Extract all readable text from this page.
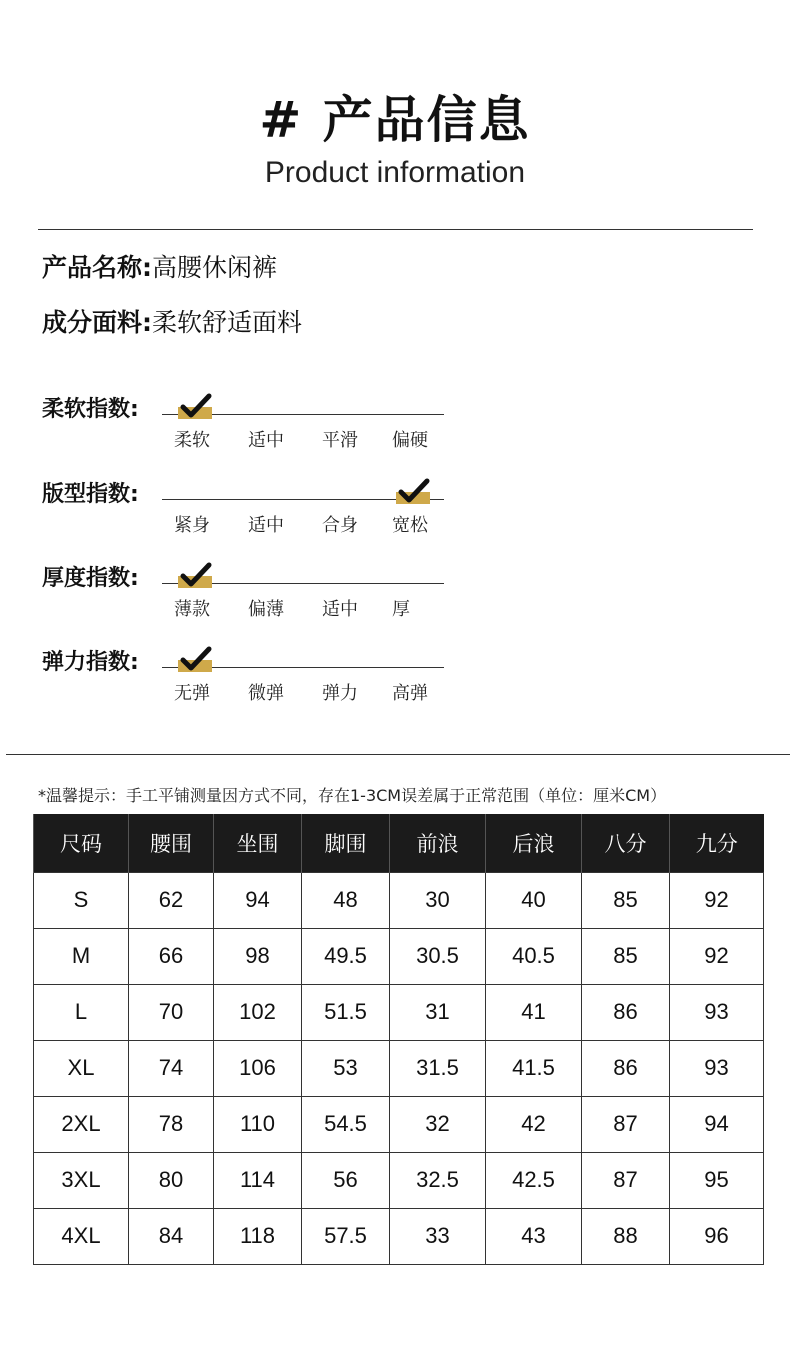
# 产品信息
Product information
产品名称:高腰休闲裤
成分面料:柔软舒适面料
柔软指数:
柔软 适中 平滑 偏硬
版型指数:
紧身 适中 合身 宽松
厚度指数:
薄款 偏薄 适中 厚
弹力指数:
无弹 微弹 弹力 高弹
*温馨提示：手工平铺测量因方式不同，存在1-3CM误差属于正常范围（单位：厘米CM）
尺码	腰围	坐围	脚围	前浪	后浪	八分	九分
S	62	94	48	30	40	85	92
M	66	98	49.5	30.5	40.5	85	92
L	70	102	51.5	31	41	86	93
XL	74	106	53	31.5	41.5	86	93
2XL	78	110	54.5	32	42	87	94
3XL	80	114	56	32.5	42.5	87	95
4XL	84	118	57.5	33	43	88	96
